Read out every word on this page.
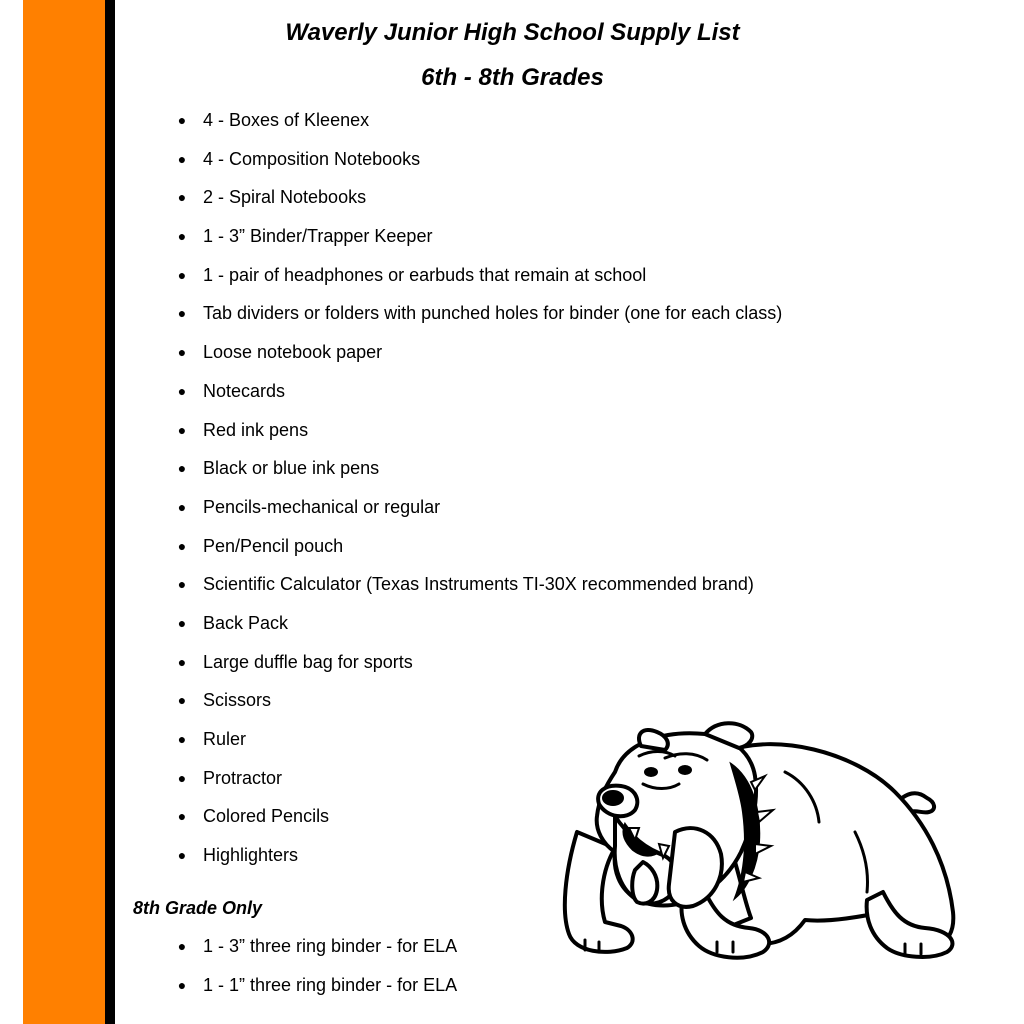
Waverly Junior High School Supply List
6th - 8th Grades
● 4 - Boxes of Kleenex
● 4 - Composition Notebooks
● 2 - Spiral Notebooks
● 1 - 3” Binder/Trapper Keeper
● 1 - pair of headphones or earbuds that remain at school
● Tab dividers or folders with punched holes for binder (one for each class)
● Loose notebook paper
● Notecards
● Red ink pens
● Black or blue ink pens
● Pencils-mechanical or regular
● Pen/Pencil pouch
● Scientific Calculator (Texas Instruments TI-30X recommended brand)
● Back Pack
● Large duffle bag for sports
● Scissors
● Ruler
● Protractor
● Colored Pencils
● Highlighters
8th Grade Only
● 1 - 3” three ring binder - for ELA
● 1 - 1” three ring binder - for ELA
